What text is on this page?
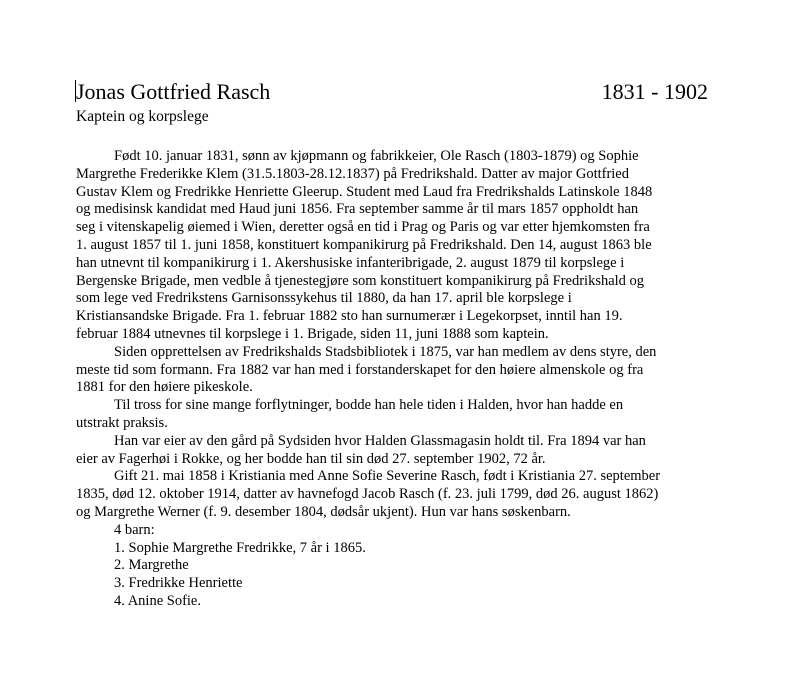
Jonas Gottfried Rasch	1831 - 1902
Kaptein og korpslege
Født 10. januar 1831, sønn av kjøpmann og fabrikkeier, Ole Rasch (1803-1879) og Sophie
Margrethe Frederikke Klem (31.5.1803-28.12.1837) på Fredrikshald. Datter av major Gottfried
Gustav Klem og Fredrikke Henriette Gleerup. Student med Laud fra Fredrikshalds Latinskole 1848
og medisinsk kandidat med Haud juni 1856. Fra september samme år til mars 1857 oppholdt han
seg i vitenskapelig øiemed i Wien, deretter også en tid i Prag og Paris og var etter hjemkomsten fra
1. august 1857 til 1. juni 1858, konstituert kompanikirurg på Fredrikshald. Den 14, august 1863 ble
han utnevnt til kompanikirurg i 1. Akershusiske infanteribrigade, 2. august 1879 til korpslege i
Bergenske Brigade, men vedble å tjenestegjøre som konstituert kompanikirurg på Fredrikshald og
som lege ved Fredrikstens Garnisonssykehus til 1880, da han 17. april ble korpslege i
Kristiansandske Brigade. Fra 1. februar 1882 sto han surnumerær i Legekorpset, inntil han 19.
februar 1884 utnevnes til korpslege i 1. Brigade, siden 11, juni 1888 som kaptein.
Siden opprettelsen av Fredrikshalds Stadsbibliotek i 1875, var han medlem av dens styre, den
meste tid som formann. Fra 1882 var han med i forstanderskapet for den høiere almenskole og fra
1881 for den høiere pikeskole.
Til tross for sine mange forflytninger, bodde han hele tiden i Halden, hvor han hadde en
utstrakt praksis.
Han var eier av den gård på Sydsiden hvor Halden Glassmagasin holdt til. Fra 1894 var han
eier av Fagerhøi i Rokke, og her bodde han til sin død 27. september 1902, 72 år.
Gift 21. mai 1858 i Kristiania med Anne Sofie Severine Rasch, født i Kristiania 27. september
1835, død 12. oktober 1914, datter av havnefogd Jacob Rasch (f. 23. juli 1799, død 26. august 1862)
og Margrethe Werner (f. 9. desember 1804, dødsår ukjent). Hun var hans søskenbarn.
4 barn:
1. Sophie Margrethe Fredrikke, 7 år i 1865.
2. Margrethe
3. Fredrikke Henriette
4. Anine Sofie.
